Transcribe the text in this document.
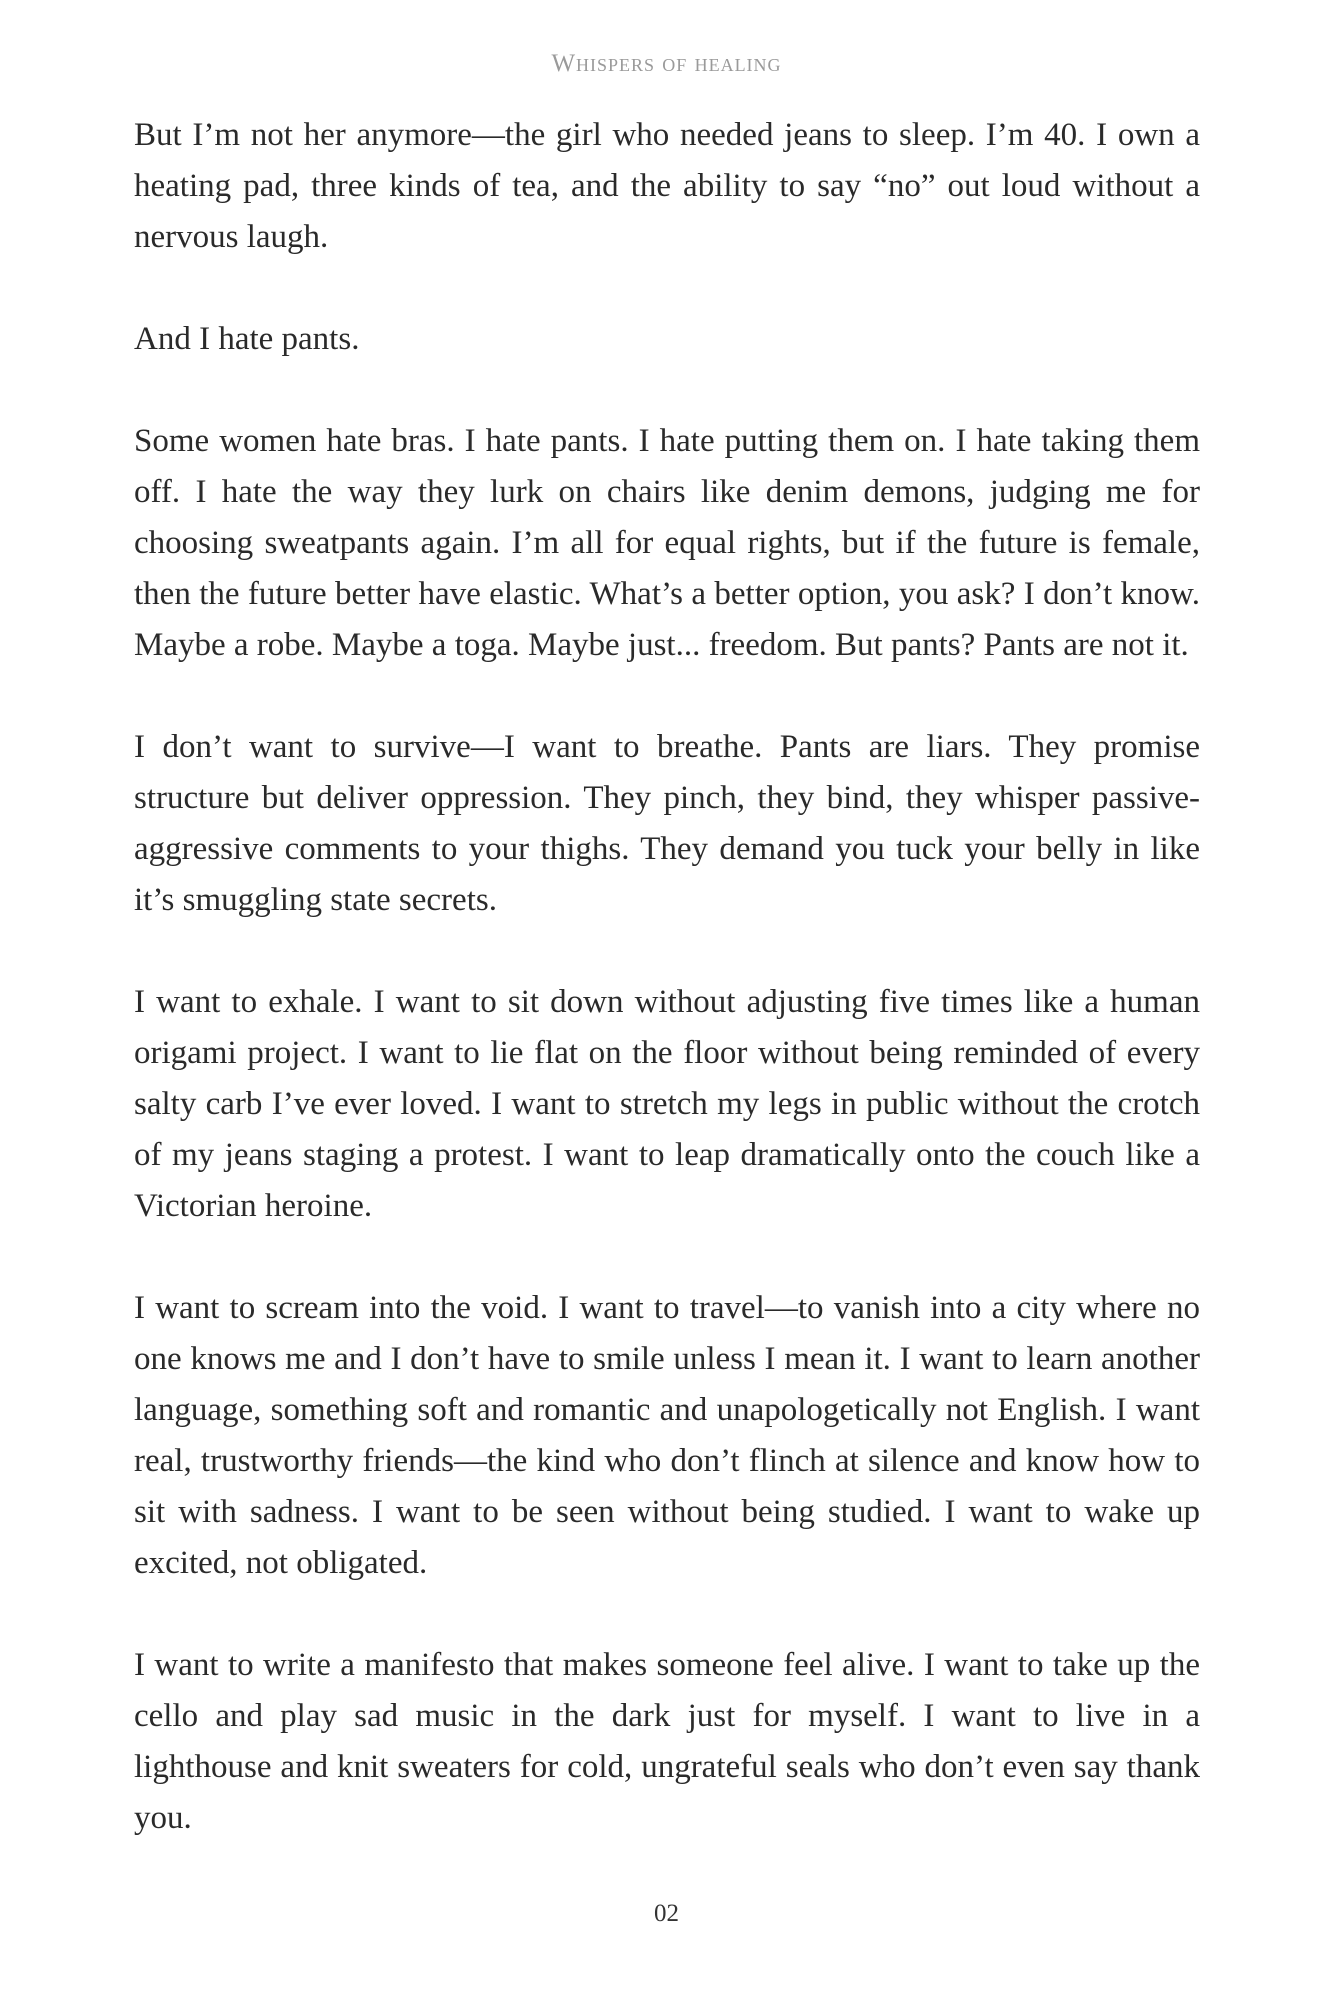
Whispers of healing

But I’m not her anymore—the girl who needed jeans to sleep. I’m 40. I own a heating pad, three kinds of tea, and the ability to say “no” out loud without a nervous laugh.

And I hate pants.

Some women hate bras. I hate pants. I hate putting them on. I hate taking them off. I hate the way they lurk on chairs like denim demons, judging me for choosing sweatpants again. I’m all for equal rights, but if the future is female, then the future better have elastic. What’s a better option, you ask? I don’t know. Maybe a robe. Maybe a toga. Maybe just... freedom. But pants? Pants are not it.

I don’t want to survive—I want to breathe. Pants are liars. They promise structure but deliver oppression. They pinch, they bind, they whisper passive-aggressive comments to your thighs. They demand you tuck your belly in like it’s smuggling state secrets.

I want to exhale. I want to sit down without adjusting five times like a human origami project. I want to lie flat on the floor without being reminded of every salty carb I’ve ever loved. I want to stretch my legs in public without the crotch of my jeans staging a protest. I want to leap dramatically onto the couch like a Victorian heroine.

I want to scream into the void. I want to travel—to vanish into a city where no one knows me and I don’t have to smile unless I mean it. I want to learn another language, something soft and romantic and unapologetically not English. I want real, trustworthy friends—the kind who don’t flinch at silence and know how to sit with sadness. I want to be seen without being studied. I want to wake up excited, not obligated.

I want to write a manifesto that makes someone feel alive. I want to take up the cello and play sad music in the dark just for myself. I want to live in a lighthouse and knit sweaters for cold, ungrateful seals who don’t even say thank you.

02
